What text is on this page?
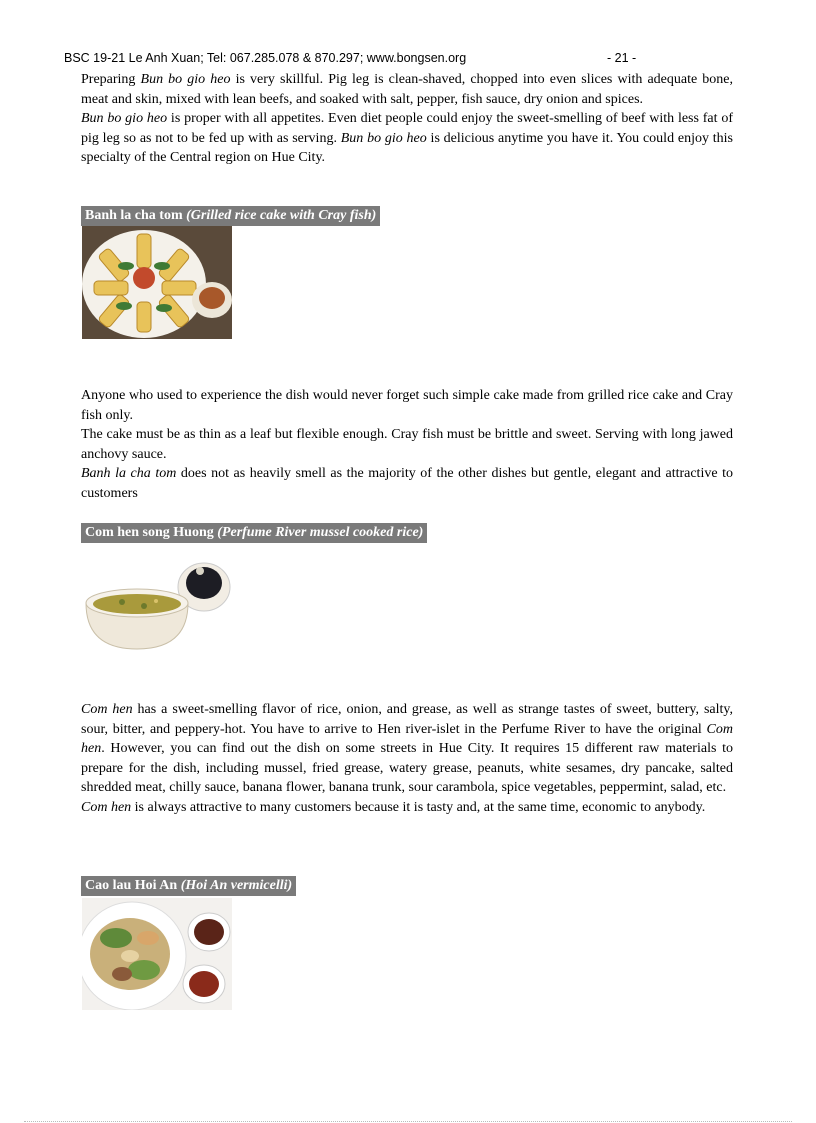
BSC 19-21 Le Anh Xuan; Tel: 067.285.078 & 870.297; www.bongsen.org	- 21 -

Preparing Bun bo gio heo is very skillful. Pig leg is clean-shaved, chopped into even slices with adequate bone, meat and skin, mixed with lean beefs, and soaked with salt, pepper, fish sauce, dry onion and spices.

Bun bo gio heo is proper with all appetites. Even diet people could enjoy the sweet-smelling of beef with less fat of pig leg so as not to be fed up with as serving. Bun bo gio heo is delicious anytime you have it. You could enjoy this specialty of the Central region on Hue City.

Banh la cha tom (Grilled rice cake with Cray fish)

Anyone who used to experience the dish would never forget such simple cake made from grilled rice cake and Cray fish only.

The cake must be as thin as a leaf but flexible enough. Cray fish must be brittle and sweet. Serving with long jawed anchovy sauce.

Banh la cha tom does not as heavily smell as the majority of the other dishes but gentle, elegant and attractive to customers

Com hen song Huong (Perfume River mussel cooked rice)

Com hen has a sweet-smelling flavor of rice, onion, and grease, as well as strange tastes of sweet, buttery, salty, sour, bitter, and peppery-hot. You have to arrive to Hen river-islet in the Perfume River to have the original Com hen. However, you can find out the dish on some streets in Hue City. It requires 15 different raw materials to prepare for the dish, including mussel, fried grease, watery grease, peanuts, white sesames, dry pancake, salted shredded meat, chilly sauce, banana flower, banana trunk, sour carambola, spice vegetables, peppermint, salad, etc.

Com hen is always attractive to many customers because it is tasty and, at the same time, economic to anybody.

Cao lau Hoi An (Hoi An vermicelli)
